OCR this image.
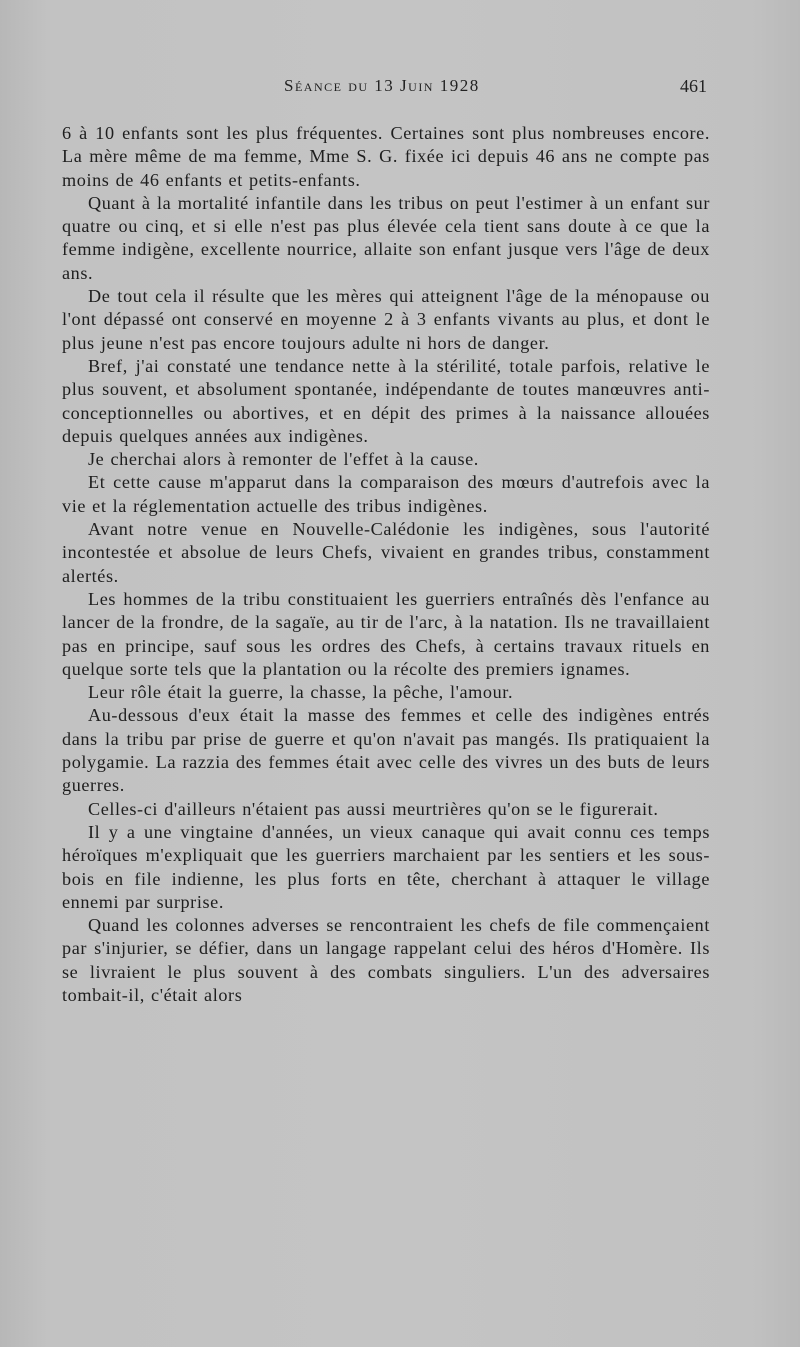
Séance du 13 Juin 1928	461

6 à 10 enfants sont les plus fréquentes. Certaines sont plus nombreuses encore. La mère même de ma femme, Mme S. G. fixée ici depuis 46 ans ne compte pas moins de 46 enfants et petits-enfants.

Quant à la mortalité infantile dans les tribus on peut l'estimer à un enfant sur quatre ou cinq, et si elle n'est pas plus élevée cela tient sans doute à ce que la femme indigène, excellente nourrice, allaite son enfant jusque vers l'âge de deux ans.

De tout cela il résulte que les mères qui atteignent l'âge de la ménopause ou l'ont dépassé ont conservé en moyenne 2 à 3 enfants vivants au plus, et dont le plus jeune n'est pas encore toujours adulte ni hors de danger.

Bref, j'ai constaté une tendance nette à la stérilité, totale parfois, relative le plus souvent, et absolument spontanée, indépendante de toutes manœuvres anti-conceptionnelles ou abortives, et en dépit des primes à la naissance allouées depuis quelques années aux indigènes.

Je cherchai alors à remonter de l'effet à la cause.

Et cette cause m'apparut dans la comparaison des mœurs d'autrefois avec la vie et la réglementation actuelle des tribus indigènes.

Avant notre venue en Nouvelle-Calédonie les indigènes, sous l'autorité incontestée et absolue de leurs Chefs, vivaient en grandes tribus, constamment alertés.

Les hommes de la tribu constituaient les guerriers entraînés dès l'enfance au lancer de la frondre, de la sagaïe, au tir de l'arc, à la natation. Ils ne travaillaient pas en principe, sauf sous les ordres des Chefs, à certains travaux rituels en quelque sorte tels que la plantation ou la récolte des premiers ignames.

Leur rôle était la guerre, la chasse, la pêche, l'amour.

Au-dessous d'eux était la masse des femmes et celle des indigènes entrés dans la tribu par prise de guerre et qu'on n'avait pas mangés. Ils pratiquaient la polygamie. La razzia des femmes était avec celle des vivres un des buts de leurs guerres.

Celles-ci d'ailleurs n'étaient pas aussi meurtrières qu'on se le figurerait.

Il y a une vingtaine d'années, un vieux canaque qui avait connu ces temps héroïques m'expliquait que les guerriers marchaient par les sentiers et les sous-bois en file indienne, les plus forts en tête, cherchant à attaquer le village ennemi par surprise.

Quand les colonnes adverses se rencontraient les chefs de file commençaient par s'injurier, se défier, dans un langage rappelant celui des héros d'Homère. Ils se livraient le plus souvent à des combats singuliers. L'un des adversaires tombait-il, c'était alors
